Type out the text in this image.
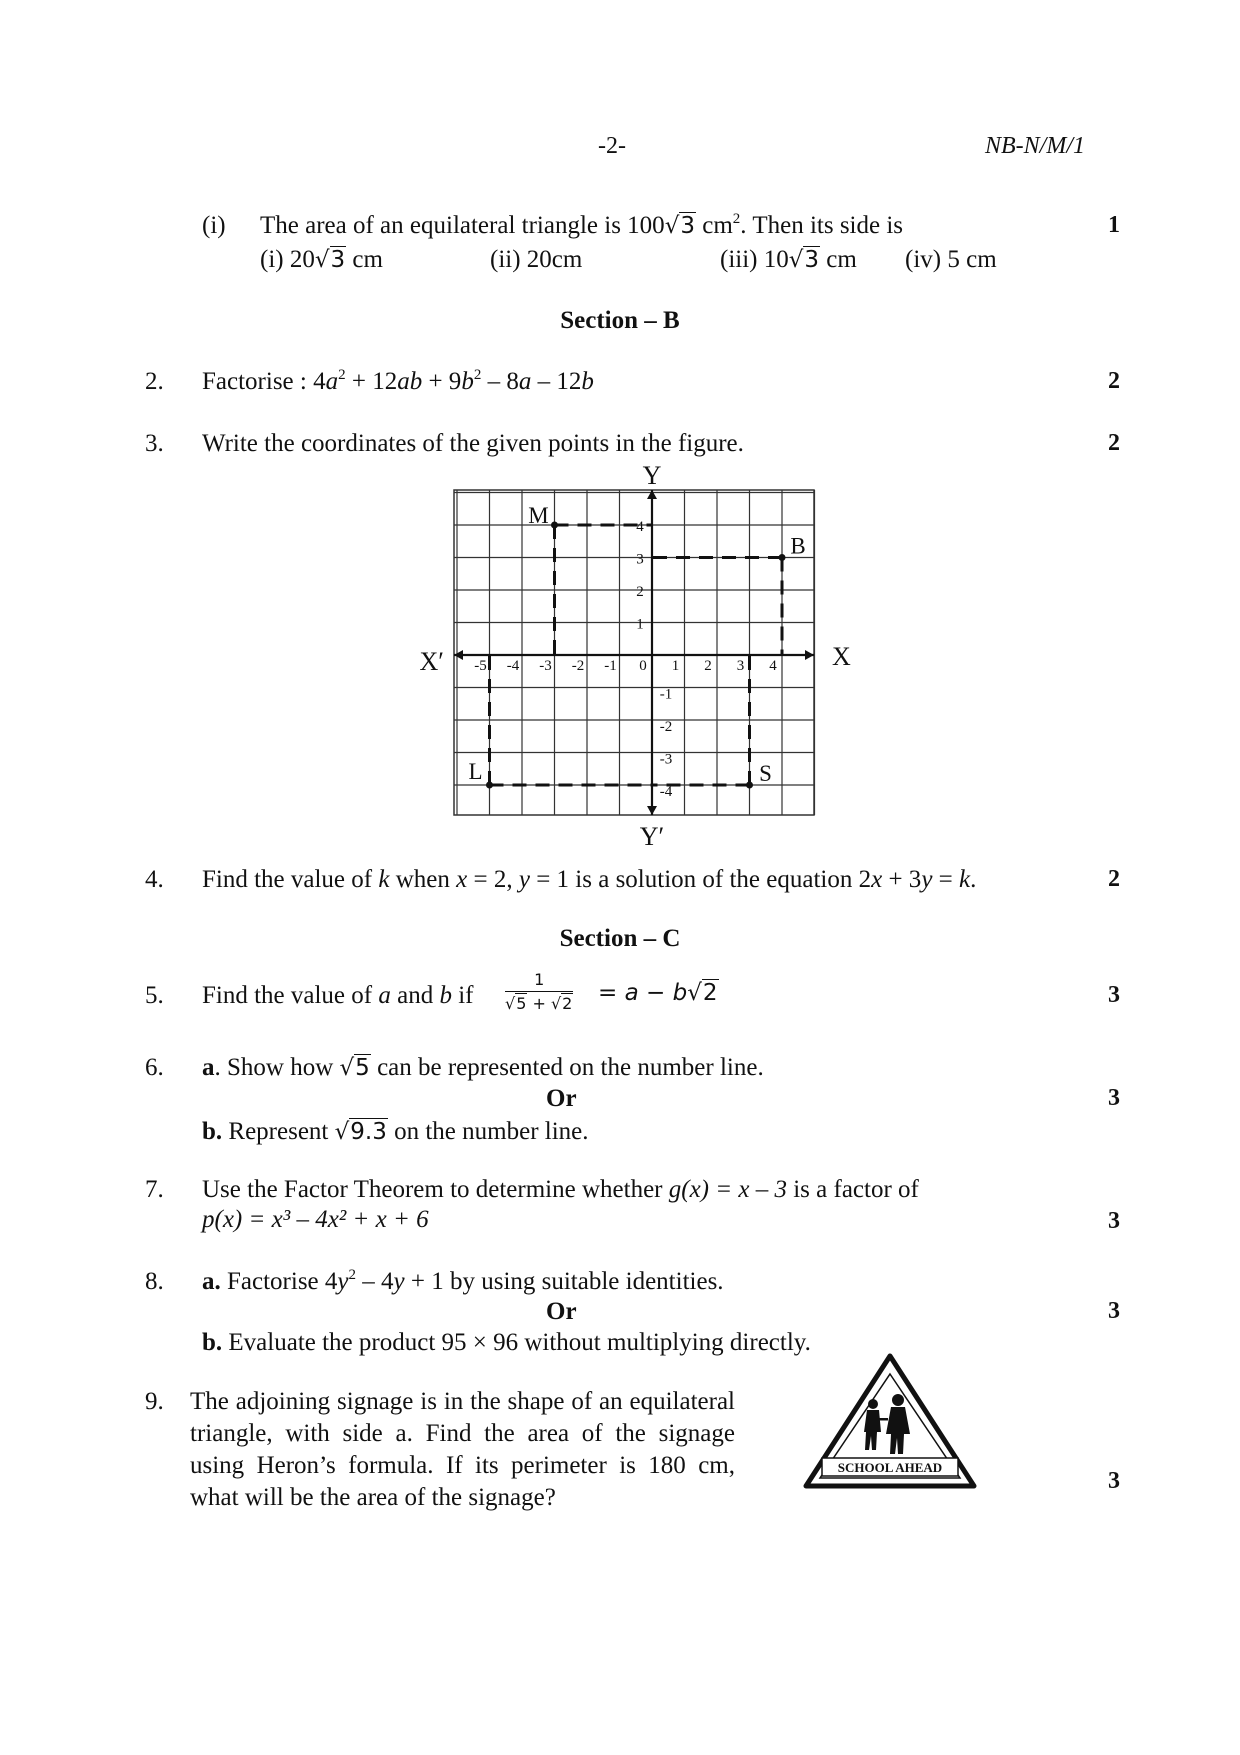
-2-	NB-N/M/1
(i) The area of an equilateral triangle is 100√3 $cm^2$. Then its side is	1
(i) 20√3 cm	(ii) 20cm	(iii) 10√3 cm (iv) 5 cm
Section – B
2. Factorise : $4a^2 + 12ab + 9b^2 - 8a - 12b$	2
3. Write the coordinates of the given points in the figure.	2
Y
Y′
X
X′ -5 -4 -3 -2 -1 0 1 2 3 4
4
3
2
1
-1
-2
-3
-4
M
B
L	S
4. Find the value of k when x = 2, y = 1 is a solution of the equation 2x + 3y = k.	2
Section – C
5. Find the value of a and b if $\frac{1}{√5 + √2} = a - b√2$	3
6. a. Show how √5 can be represented on the number line.
Or	3
b. Represent √9.3 on the number line.
7. Use the Factor Theorem to determine whether g(x) = x – 3 is a factor of
p(x) = x³ – 4x² + x + 6	3
8. a. Factorise $4y^2 - 4y + 1$ by using suitable identities.
Or	3
b. Evaluate the product 95 × 96 without multiplying directly.
9. The adjoining signage is in the shape of an equilateral triangle, with side a. Find the area of the signage using Heron’s formula. If its perimeter is 180 cm, what will be the area of the signage?
3
SCHOOL AHEAD
